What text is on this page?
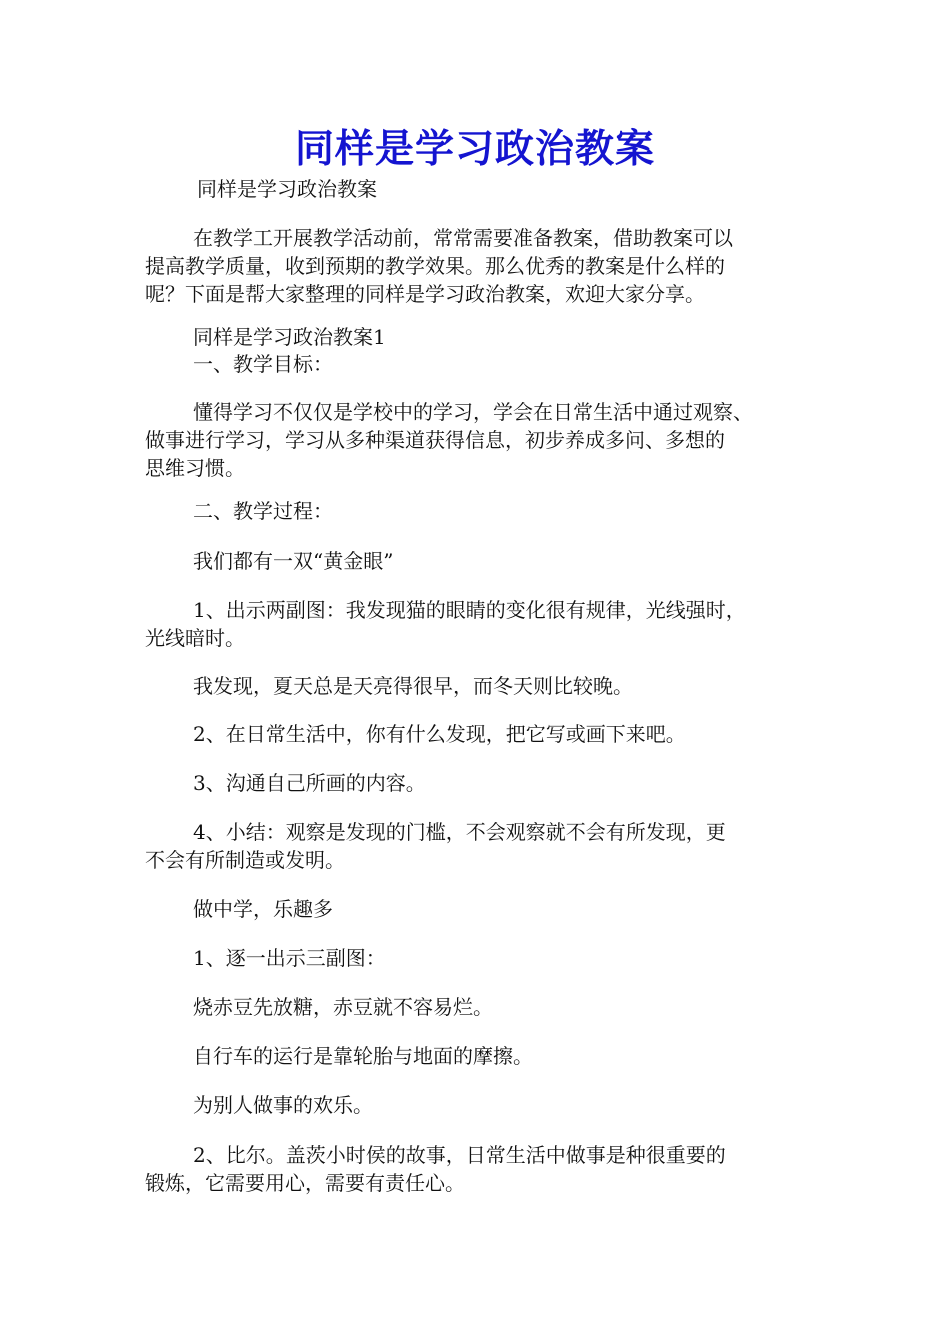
同样是学习政治教案

同样是学习政治教案

在教学工开展教学活动前，常常需要准备教案，借助教案可以
提高教学质量，收到预期的教学效果。那么优秀的教案是什么样的
呢？下面是帮大家整理的同样是学习政治教案，欢迎大家分享。

同样是学习政治教案1

一、教学目标：

懂得学习不仅仅是学校中的学习，学会在日常生活中通过观察、
做事进行学习，学习从多种渠道获得信息，初步养成多问、多想的
思维习惯。

二、教学过程：

我们都有一双“黄金眼”

1、出示两副图：我发现猫的眼睛的变化很有规律，光线强时，
光线暗时。

我发现，夏天总是天亮得很早，而冬天则比较晚。

2、在日常生活中，你有什么发现，把它写或画下来吧。

3、沟通自己所画的内容。

4、小结：观察是发现的门槛，不会观察就不会有所发现，更
不会有所制造或发明。

做中学，乐趣多

1、逐一出示三副图：

烧赤豆先放糖，赤豆就不容易烂。

自行车的运行是靠轮胎与地面的摩擦。

为别人做事的欢乐。

2、比尔。盖茨小时侯的故事，日常生活中做事是种很重要的
锻炼，它需要用心，需要有责任心。
